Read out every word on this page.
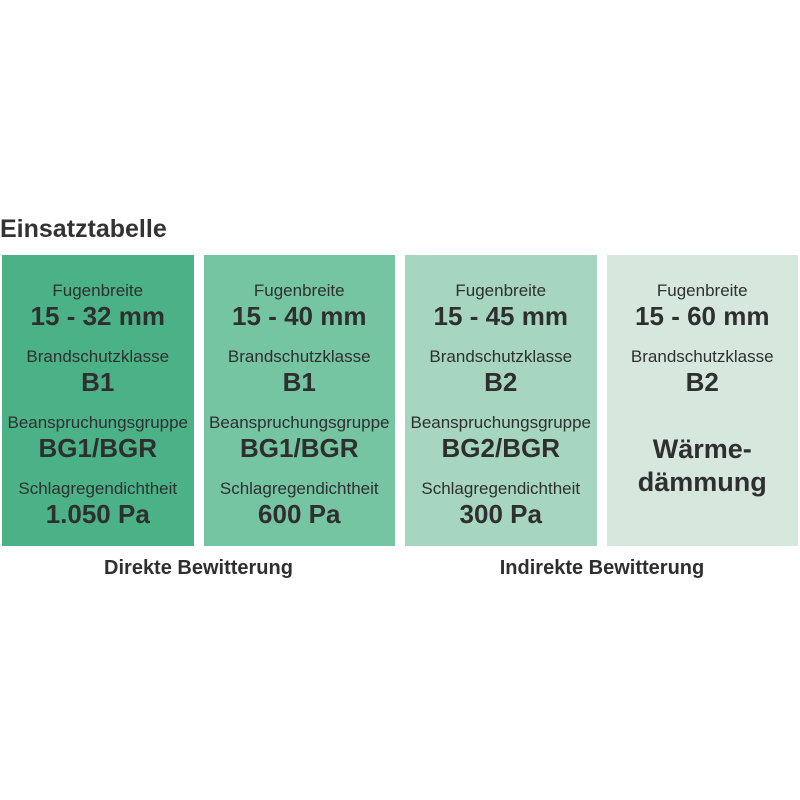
Einsatztabelle
Fugenbreite
15 - 32 mm
Brandschutzklasse
B1
Beanspruchungsgruppe
BG1/BGR
Schlagregendichtheit
1.050 Pa
Fugenbreite
15 - 40 mm
Brandschutzklasse
B1
Beanspruchungsgruppe
BG1/BGR
Schlagregendichtheit
600 Pa
Fugenbreite
15 - 45 mm
Brandschutzklasse
B2
Beanspruchungsgruppe
BG2/BGR
Schlagregendichtheit
300 Pa
Fugenbreite
15 - 60 mm
Brandschutzklasse
B2
Wärme-
dämmung
Direkte Bewitterung	Indirekte Bewitterung
